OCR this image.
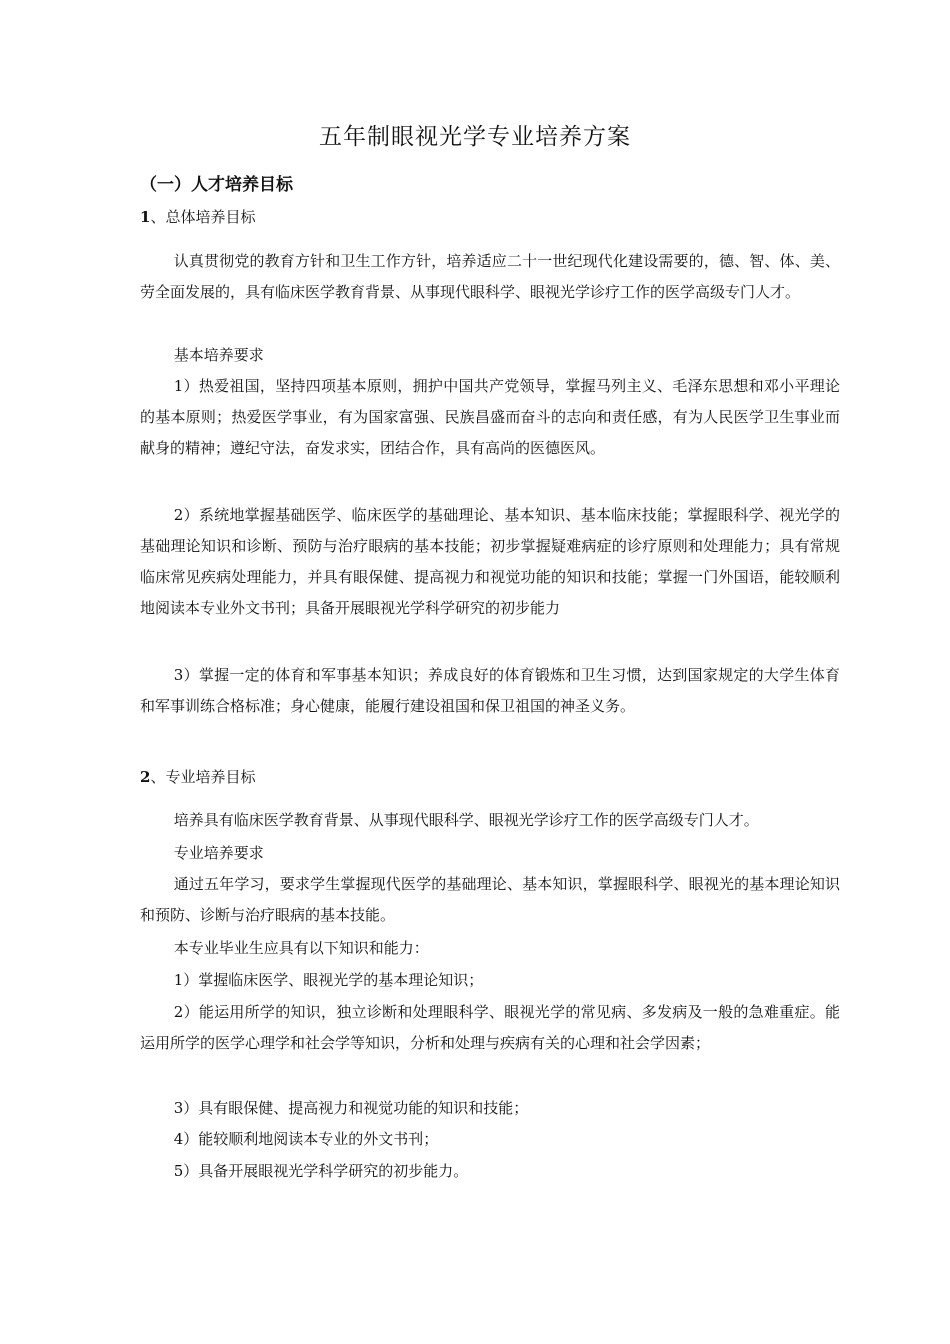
五年制眼视光学专业培养方案
（一）人才培养目标

1、总体培养目标

认真贯彻党的教育方针和卫生工作方针，培养适应二十一世纪现代化建设需要的，德、智、体、美、劳全面发展的，具有临床医学教育背景、从事现代眼科学、眼视光学诊疗工作的医学高级专门人才。

基本培养要求

1）热爱祖国，坚持四项基本原则，拥护中国共产党领导，掌握马列主义、毛泽东思想和邓小平理论的基本原则；热爱医学事业，有为国家富强、民族昌盛而奋斗的志向和责任感，有为人民医学卫生事业而献身的精神；遵纪守法，奋发求实，团结合作，具有高尚的医德医风。

2）系统地掌握基础医学、临床医学的基础理论、基本知识、基本临床技能；掌握眼科学、视光学的基础理论知识和诊断、预防与治疗眼病的基本技能；初步掌握疑难病症的诊疗原则和处理能力；具有常规临床常见疾病处理能力，并具有眼保健、提高视力和视觉功能的知识和技能；掌握一门外国语，能较顺利地阅读本专业外文书刊；具备开展眼视光学科学研究的初步能力

3）掌握一定的体育和军事基本知识；养成良好的体育锻炼和卫生习惯，达到国家规定的大学生体育和军事训练合格标准；身心健康，能履行建设祖国和保卫祖国的神圣义务。

2、专业培养目标

培养具有临床医学教育背景、从事现代眼科学、眼视光学诊疗工作的医学高级专门人才。

专业培养要求

通过五年学习，要求学生掌握现代医学的基础理论、基本知识，掌握眼科学、眼视光的基本理论知识和预防、诊断与治疗眼病的基本技能。

本专业毕业生应具有以下知识和能力：

1）掌握临床医学、眼视光学的基本理论知识；

2）能运用所学的知识，独立诊断和处理眼科学、眼视光学的常见病、多发病及一般的急难重症。能运用所学的医学心理学和社会学等知识，分析和处理与疾病有关的心理和社会学因素；

3）具有眼保健、提高视力和视觉功能的知识和技能；

4）能较顺利地阅读本专业的外文书刊；

5）具备开展眼视光学科学研究的初步能力。
